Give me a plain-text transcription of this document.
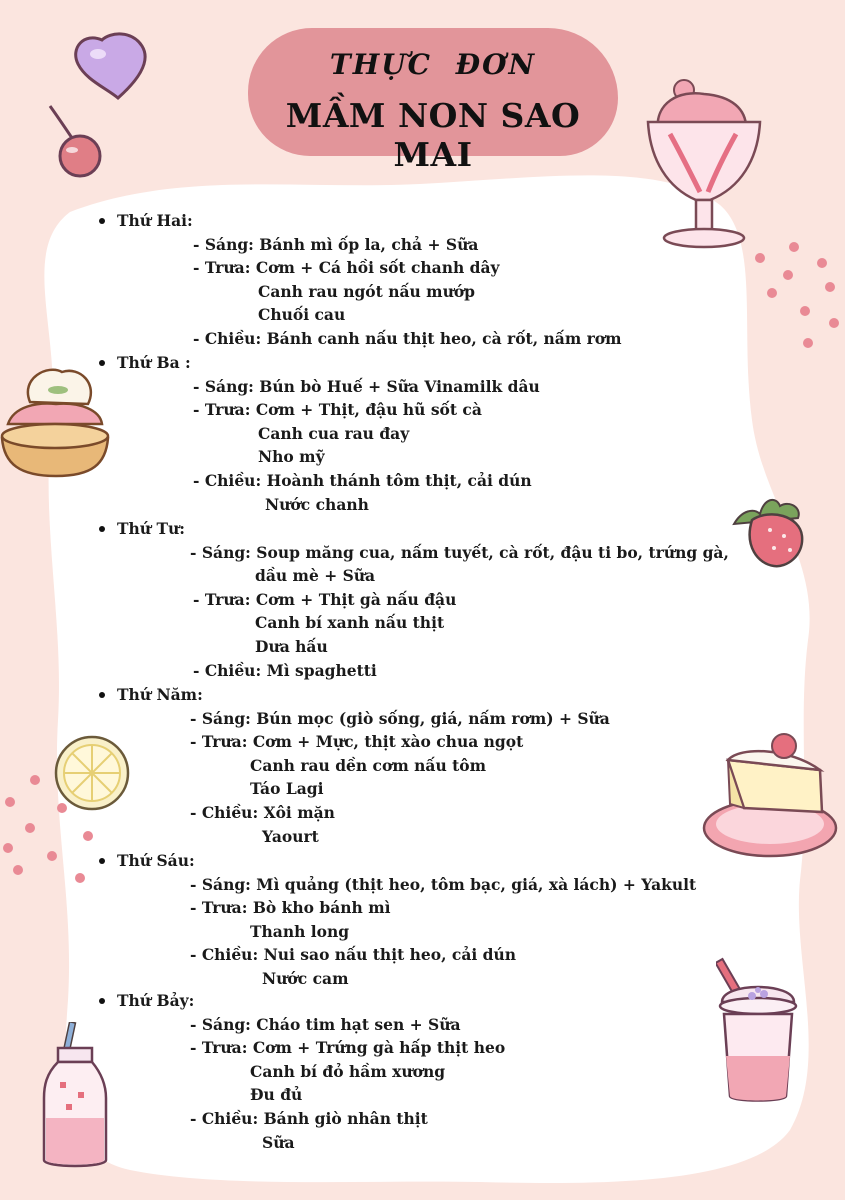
THỰC ĐƠN
MẦM NON SAO MAI
Thứ Hai:
- Sáng: Bánh mì ốp la, chả + Sữa
- Trưa: Cơm + Cá hồi sốt chanh dây
Canh rau ngót nấu mướp
Chuối cau
- Chiều: Bánh canh nấu thịt heo, cà rốt, nấm rơm
Thứ Ba :
- Sáng: Bún bò Huế + Sữa Vinamilk dâu
- Trưa: Cơm + Thịt, đậu hũ sốt cà
Canh cua rau đay
Nho mỹ
- Chiều: Hoành thánh tôm thịt, cải dún
Nước chanh
Thứ Tư:
- Sáng: Soup măng cua, nấm tuyết, cà rốt, đậu ti bo, trứng gà,
dầu mè + Sữa
- Trưa: Cơm + Thịt gà nấu đậu
Canh bí xanh nấu thịt
Dưa hấu
- Chiều: Mì spaghetti
Thứ Năm:
- Sáng: Bún mọc (giò sống, giá, nấm rơm) + Sữa
- Trưa: Cơm + Mực, thịt xào chua ngọt
Canh rau dền cơm nấu tôm
Táo Lagi
- Chiều: Xôi mặn
Yaourt
Thứ Sáu:
- Sáng: Mì quảng (thịt heo, tôm bạc, giá, xà lách) + Yakult
- Trưa: Bò kho bánh mì
Thanh long
- Chiều: Nui sao nấu thịt heo, cải dún
Nước cam
Thứ Bảy:
- Sáng: Cháo tim hạt sen + Sữa
- Trưa: Cơm + Trứng gà hấp thịt heo
Canh bí đỏ hầm xương
Đu đủ
- Chiều: Bánh giò nhân thịt
Sữa
